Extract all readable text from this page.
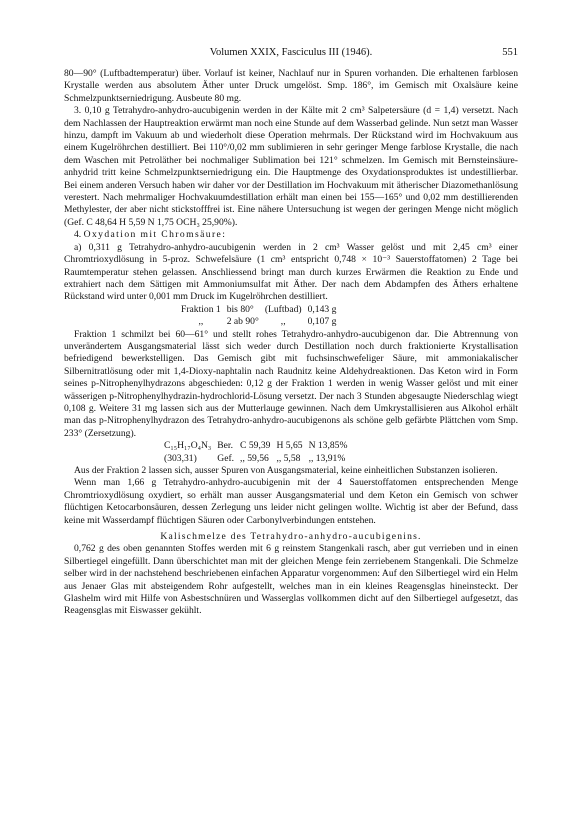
Volumen XXIX, Fasciculus III (1946).	551

80—90° (Luftbadtemperatur) über. Vorlauf ist keiner, Nachlauf nur in Spuren vorhanden. Die erhaltenen farblosen Krystalle werden aus absolutem Äther unter Druck umgelöst. Smp. 186°, im Gemisch mit Oxalsäure keine Schmelzpunktserniedrigung. Ausbeute 80 mg.

3. 0,10 g Tetrahydro-anhydro-aucubigenin werden in der Kälte mit 2 cm³ Salpetersäure (d = 1,4) versetzt. Nach dem Nachlassen der Hauptreaktion erwärmt man noch eine Stunde auf dem Wasserbad gelinde. Nun setzt man Wasser hinzu, dampft im Vakuum ab und wiederholt diese Operation mehrmals. Der Rückstand wird im Hochvakuum aus einem Kugelröhrchen destilliert. Bei 110°/0,02 mm sublimieren in sehr geringer Menge farblose Krystalle, die nach dem Waschen mit Petroläther bei nochmaliger Sublimation bei 121° schmelzen. Im Gemisch mit Bernsteinsäure-anhydrid tritt keine Schmelzpunktserniedrigung ein. Die Hauptmenge des Oxydationsproduktes ist undestillierbar. Bei einem anderen Versuch haben wir daher vor der Destillation im Hochvakuum mit ätherischer Diazomethanlösung verestert. Nach mehrmaliger Hochvakuumdestillation erhält man einen bei 155—165° und 0,02 mm destillierenden Methylester, der aber nicht stickstofffrei ist. Eine nähere Untersuchung ist wegen der geringen Menge nicht möglich (Gef. C 48,64 H 5,59 N 1,75 OCH₃ 25,90%).

4. Oxydation mit Chromsäure:

a) 0,311 g Tetrahydro-anhydro-aucubigenin werden in 2 cm³ Wasser gelöst und mit 2,45 cm³ einer Chromtrioxydlösung in 5-proz. Schwefelsäure (1 cm³ entspricht 0,748 × 10⁻³ Sauerstoffatomen) 2 Tage bei Raumtemperatur stehen gelassen. Anschliessend bringt man durch kurzes Erwärmen die Reaktion zu Ende und extrahiert nach dem Sättigen mit Ammoniumsulfat mit Äther. Der nach dem Abdampfen des Äthers erhaltene Rückstand wird unter 0,001 mm Druck im Kugelröhrchen destilliert.

Fraktion 1	bis 80°	(Luftbad)	0,143 g
,,	2 ab 90°	,,	0,107 g

Fraktion 1 schmilzt bei 60—61° und stellt rohes Tetrahydro-anhydro-aucubigenon dar. Die Abtrennung von unverändertem Ausgangsmaterial lässt sich weder durch Destillation noch durch fraktionierte Krystallisation befriedigend bewerkstelligen. Das Gemisch gibt mit fuchsinschwefeliger Säure, mit ammoniakalischer Silbernitratlösung oder mit 1,4-Dioxy-naphtalin nach Raudnitz keine Aldehydreaktionen. Das Keton wird in Form seines p-Nitrophenylhydrazons abgeschieden: 0,12 g der Fraktion 1 werden in wenig Wasser gelöst und mit einer wässerigen p-Nitrophenylhydrazin-hydrochlorid-Lösung versetzt. Der nach 3 Stunden abgesaugte Niederschlag wiegt 0,108 g. Weitere 31 mg lassen sich aus der Mutterlauge gewinnen. Nach dem Umkrystallisieren aus Alkohol erhält man das p-Nitrophenylhydrazon des Tetrahydro-anhydro-aucubigenons als schöne gelb gefärbte Plättchen vom Smp. 233° (Zersetzung).

C₁₅H₁₇O₄N₃	Ber.	C 59,39	H 5,65	N 13,85%
(303,31)	Gef.	,, 59,56	,, 5,58	,, 13,91%

Aus der Fraktion 2 lassen sich, ausser Spuren von Ausgangsmaterial, keine einheitlichen Substanzen isolieren.

Wenn man 1,66 g Tetrahydro-anhydro-aucubigenin mit der 4 Sauerstoffatomen entsprechenden Menge Chromtrioxydlösung oxydiert, so erhält man ausser Ausgangsmaterial und dem Keton ein Gemisch von schwer flüchtigen Ketocarbonsäuren, dessen Zerlegung uns leider nicht gelingen wollte. Wichtig ist aber der Befund, dass keine mit Wasserdampf flüchtigen Säuren oder Carbonylverbindungen entstehen.

Kalischmelze des Tetrahydro-anhydro-aucubigenins.

0,762 g des oben genannten Stoffes werden mit 6 g reinstem Stangenkali rasch, aber gut verrieben und in einen Silbertiegel eingefüllt. Dann überschichtet man mit der gleichen Menge fein zerriebenem Stangenkali. Die Schmelze selber wird in der nachstehend beschriebenen einfachen Apparatur vorgenommen: Auf den Silbertiegel wird ein Helm aus Jenaer Glas mit absteigendem Rohr aufgestellt, welches man in ein kleines Reagensglas hineinsteckt. Der Glashelm wird mit Hilfe von Asbestschnüren und Wasserglas vollkommen dicht auf den Silbertiegel aufgesetzt, das Reagensglas mit Eiswasser gekühlt.
